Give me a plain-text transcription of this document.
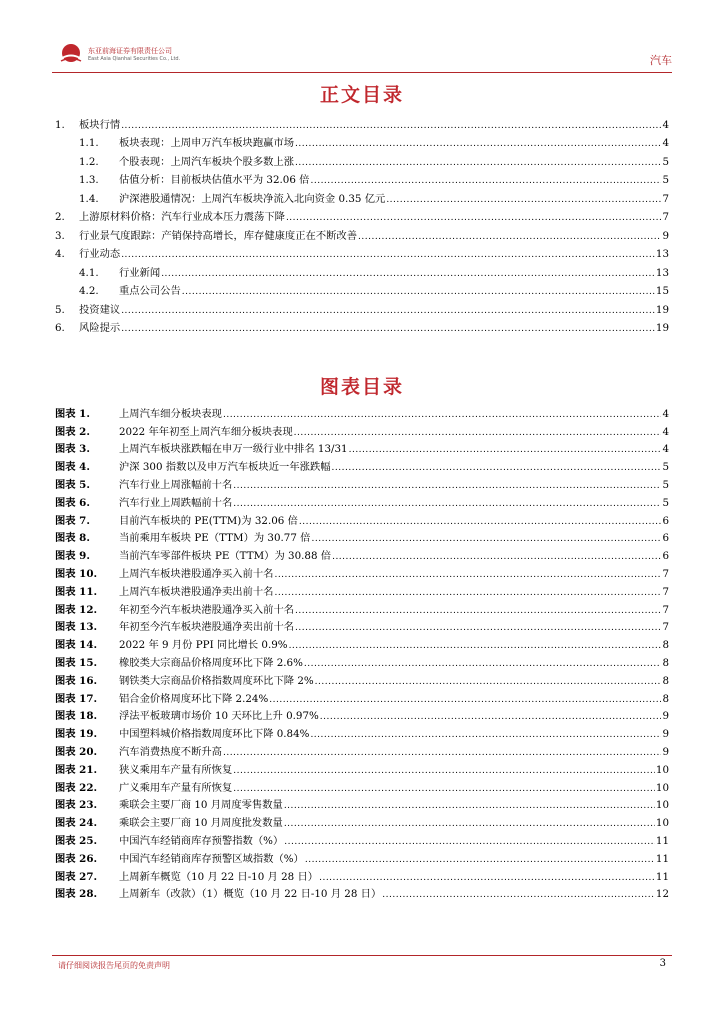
东亚前海证券有限责任公司
East Asia Qianhai Securities Co., Ltd.	汽车
正文目录
1.	板块行情 .....	4
1.1.	板块表现：上周申万汽车板块跑赢市场 .....	4
1.2.	个股表现：上周汽车板块个股多数上涨 .....	5
1.3.	估值分析：目前板块估值水平为 32.06 倍 .....	5
1.4.	沪深港股通情况：上周汽车板块净流入北向资金 0.35 亿元 .....	7
2.	上游原材料价格：汽车行业成本压力震荡下降 .....	7
3.	行业景气度跟踪：产销保持高增长，库存健康度正在不断改善 .....	9
4.	行业动态 .....	13
4.1.	行业新闻 .....	13
4.2.	重点公司公告 .....	15
5.	投资建议 .....	19
6.	风险提示 .....	19
图表目录
图表 1.	上周汽车细分板块表现 .....	4
图表 2.	2022 年年初至上周汽车细分板块表现 .....	4
图表 3.	上周汽车板块涨跌幅在申万一级行业中排名 13/31 .....	4
图表 4.	沪深 300 指数以及申万汽车板块近一年涨跌幅 .....	5
图表 5.	汽车行业上周涨幅前十名 .....	5
图表 6.	汽车行业上周跌幅前十名 .....	5
图表 7.	目前汽车板块的 PE(TTM)为 32.06 倍 .....	6
图表 8.	当前乘用车板块 PE（TTM）为 30.77 倍 .....	6
图表 9.	当前汽车零部件板块 PE（TTM）为 30.88 倍 .....	6
图表 10.	上周汽车板块港股通净买入前十名 .....	7
图表 11.	上周汽车板块港股通净卖出前十名 .....	7
图表 12.	年初至今汽车板块港股通净买入前十名 .....	7
图表 13.	年初至今汽车板块港股通净卖出前十名 .....	7
图表 14.	2022 年 9 月份 PPI 同比增长 0.9% .....	8
图表 15.	橡胶类大宗商品价格周度环比下降 2.6% .....	8
图表 16.	钢铁类大宗商品价格指数周度环比下降 2% .....	8
图表 17.	铝合金价格周度环比下降 2.24% .....	8
图表 18.	浮法平板玻璃市场价 10 天环比上升 0.97% .....	9
图表 19.	中国塑料城价格指数周度环比下降 0.84% .....	9
图表 20.	汽车消费热度不断升高 .....	9
图表 21.	狭义乘用车产量有所恢复 .....	10
图表 22.	广义乘用车产量有所恢复 .....	10
图表 23.	乘联会主要厂商 10 月周度零售数量 .....	10
图表 24.	乘联会主要厂商 10 月周度批发数量 .....	10
图表 25.	中国汽车经销商库存预警指数（%） .....	11
图表 26.	中国汽车经销商库存预警区域指数（%） .....	11
图表 27.	上周新车概览（10 月 22 日-10 月 28 日） .....	11
图表 28.	上周新车（改款）（1）概览（10 月 22 日-10 月 28 日） .....	12
请仔细阅读报告尾页的免责声明	3
